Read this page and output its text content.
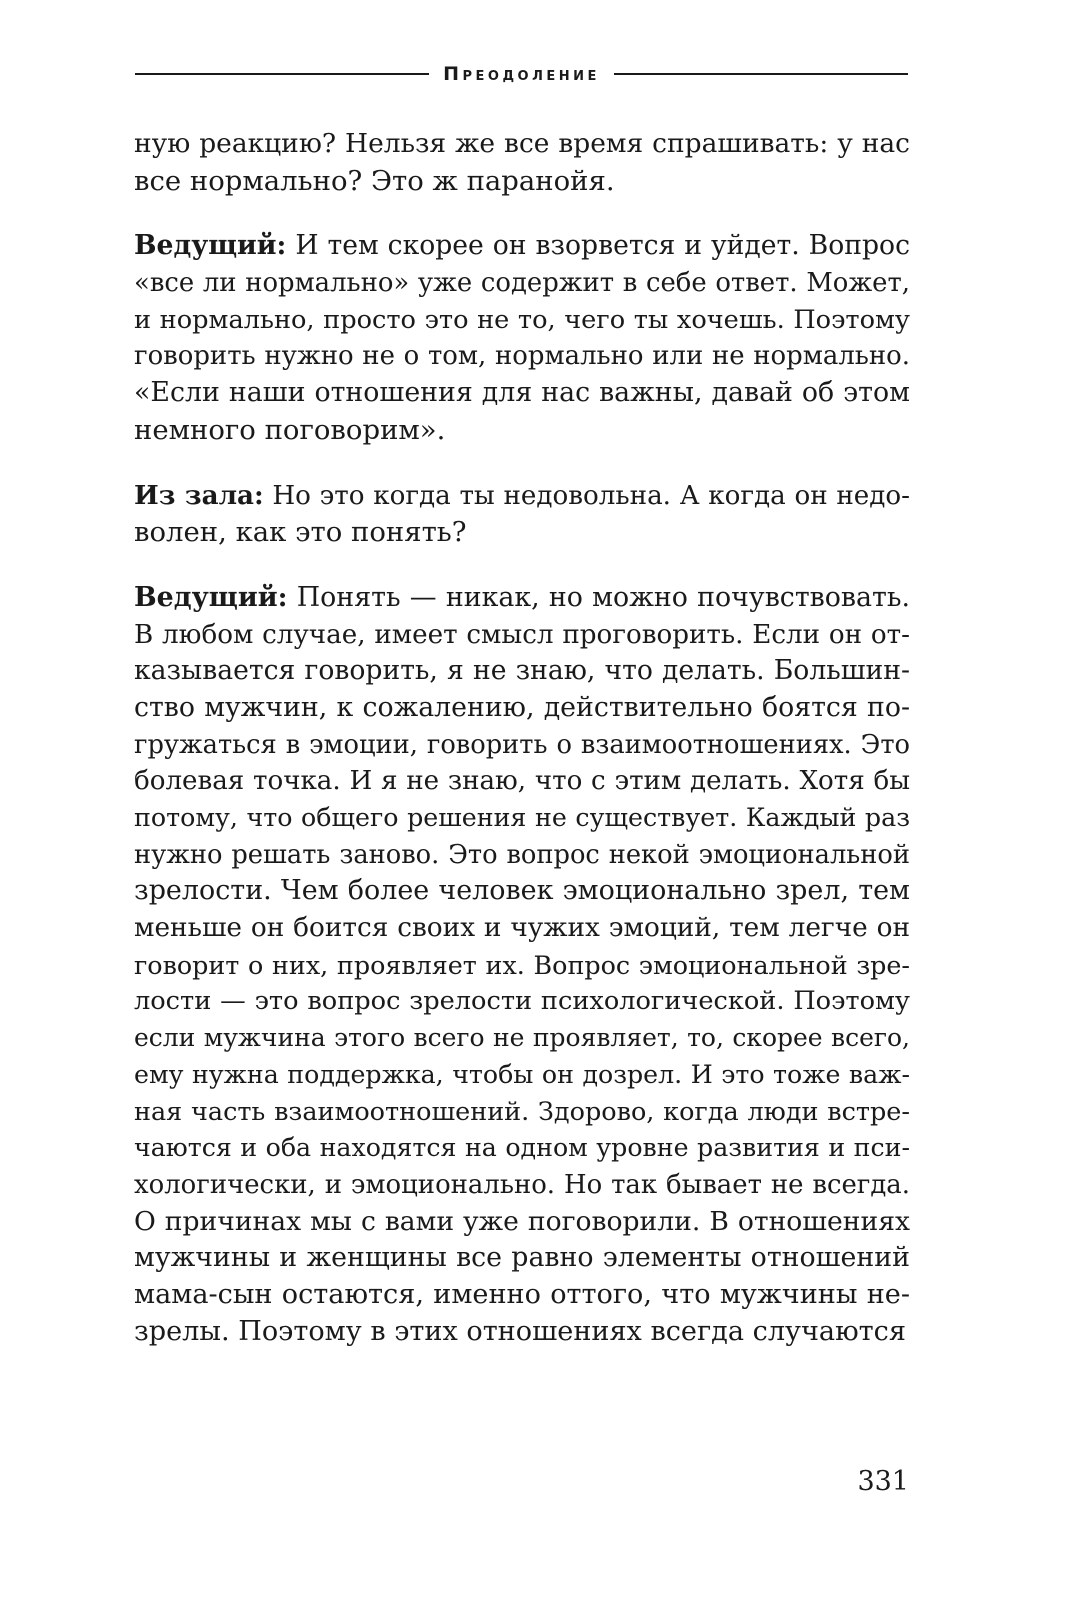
Преодоление
ную реакцию? Нельзя же все время спрашивать: у нас
все нормально? Это ж паранойя.
Ведущий: И тем скорее он взорвется и уйдет. Вопрос
«все ли нормально» уже содержит в себе ответ. Может,
и нормально, просто это не то, чего ты хочешь. Поэтому
говорить нужно не о том, нормально или не нормально.
«Если наши отношения для нас важны, давай об этом
немного поговорим».
Из зала: Но это когда ты недовольна. А когда он недо-
волен, как это понять?
Ведущий: Понять — никак, но можно почувствовать.
В любом случае, имеет смысл проговорить. Если он от-
казывается говорить, я не знаю, что делать. Большин-
ство мужчин, к сожалению, действительно боятся по-
гружаться в эмоции, говорить о взаимоотношениях. Это
болевая точка. И я не знаю, что с этим делать. Хотя бы
потому, что общего решения не существует. Каждый раз
нужно решать заново. Это вопрос некой эмоциональной
зрелости. Чем более человек эмоционально зрел, тем
меньше он боится своих и чужих эмоций, тем легче он
говорит о них, проявляет их. Вопрос эмоциональной зре-
лости — это вопрос зрелости психологической. Поэтому
если мужчина этого всего не проявляет, то, скорее всего,
ему нужна поддержка, чтобы он дозрел. И это тоже важ-
ная часть взаимоотношений. Здорово, когда люди встре-
чаются и оба находятся на одном уровне развития и пси-
хологически, и эмоционально. Но так бывает не всегда.
О причинах мы с вами уже поговорили. В отношениях
мужчины и женщины все равно элементы отношений
мама-сын остаются, именно оттого, что мужчины не-
зрелы. Поэтому в этих отношениях всегда случаются
331
